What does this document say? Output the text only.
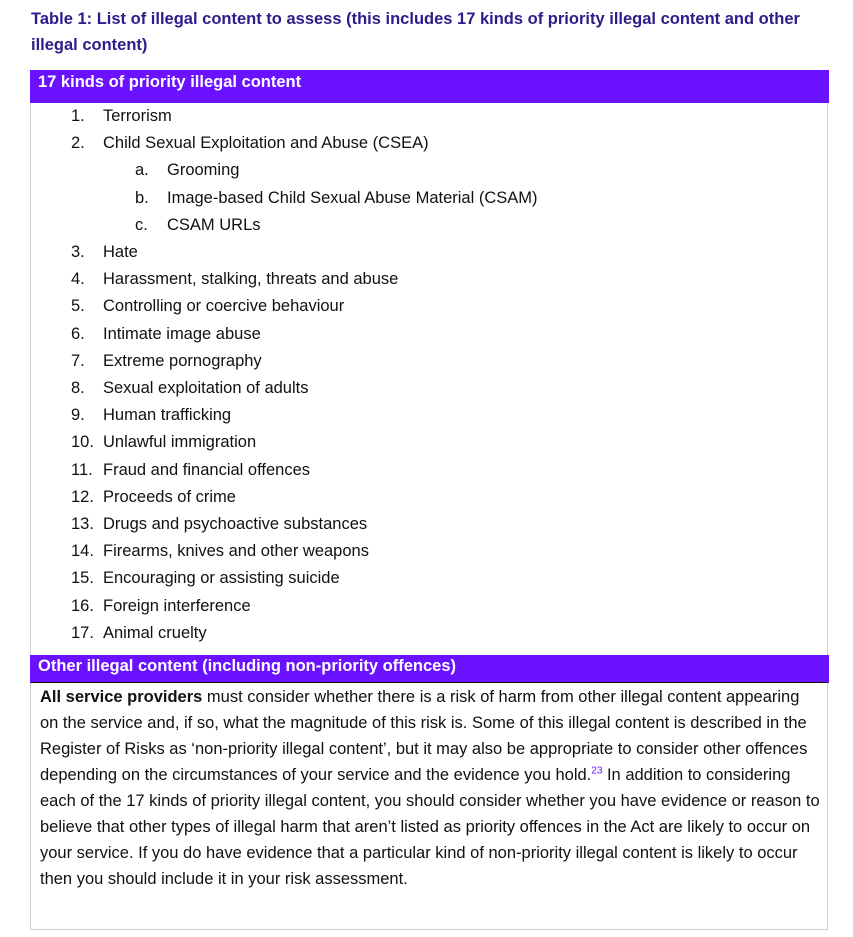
Table 1: List of illegal content to assess (this includes 17 kinds of priority illegal content and other illegal content)
17 kinds of priority illegal content
1. Terrorism
2. Child Sexual Exploitation and Abuse (CSEA)
a. Grooming
b. Image-based Child Sexual Abuse Material (CSAM)
c. CSAM URLs
3. Hate
4. Harassment, stalking, threats and abuse
5. Controlling or coercive behaviour
6. Intimate image abuse
7. Extreme pornography
8. Sexual exploitation of adults
9. Human trafficking
10. Unlawful immigration
11. Fraud and financial offences
12. Proceeds of crime
13. Drugs and psychoactive substances
14. Firearms, knives and other weapons
15. Encouraging or assisting suicide
16. Foreign interference
17. Animal cruelty
Other illegal content (including non-priority offences)
All service providers must consider whether there is a risk of harm from other illegal content appearing on the service and, if so, what the magnitude of this risk is. Some of this illegal content is described in the Register of Risks as ‘non-priority illegal content’, but it may also be appropriate to consider other offences depending on the circumstances of your service and the evidence you hold.$^{23}$ In addition to considering each of the 17 kinds of priority illegal content, you should consider whether you have evidence or reason to believe that other types of illegal harm that aren’t listed as priority offences in the Act are likely to occur on your service. If you do have evidence that a particular kind of non-priority illegal content is likely to occur then you should include it in your risk assessment.
